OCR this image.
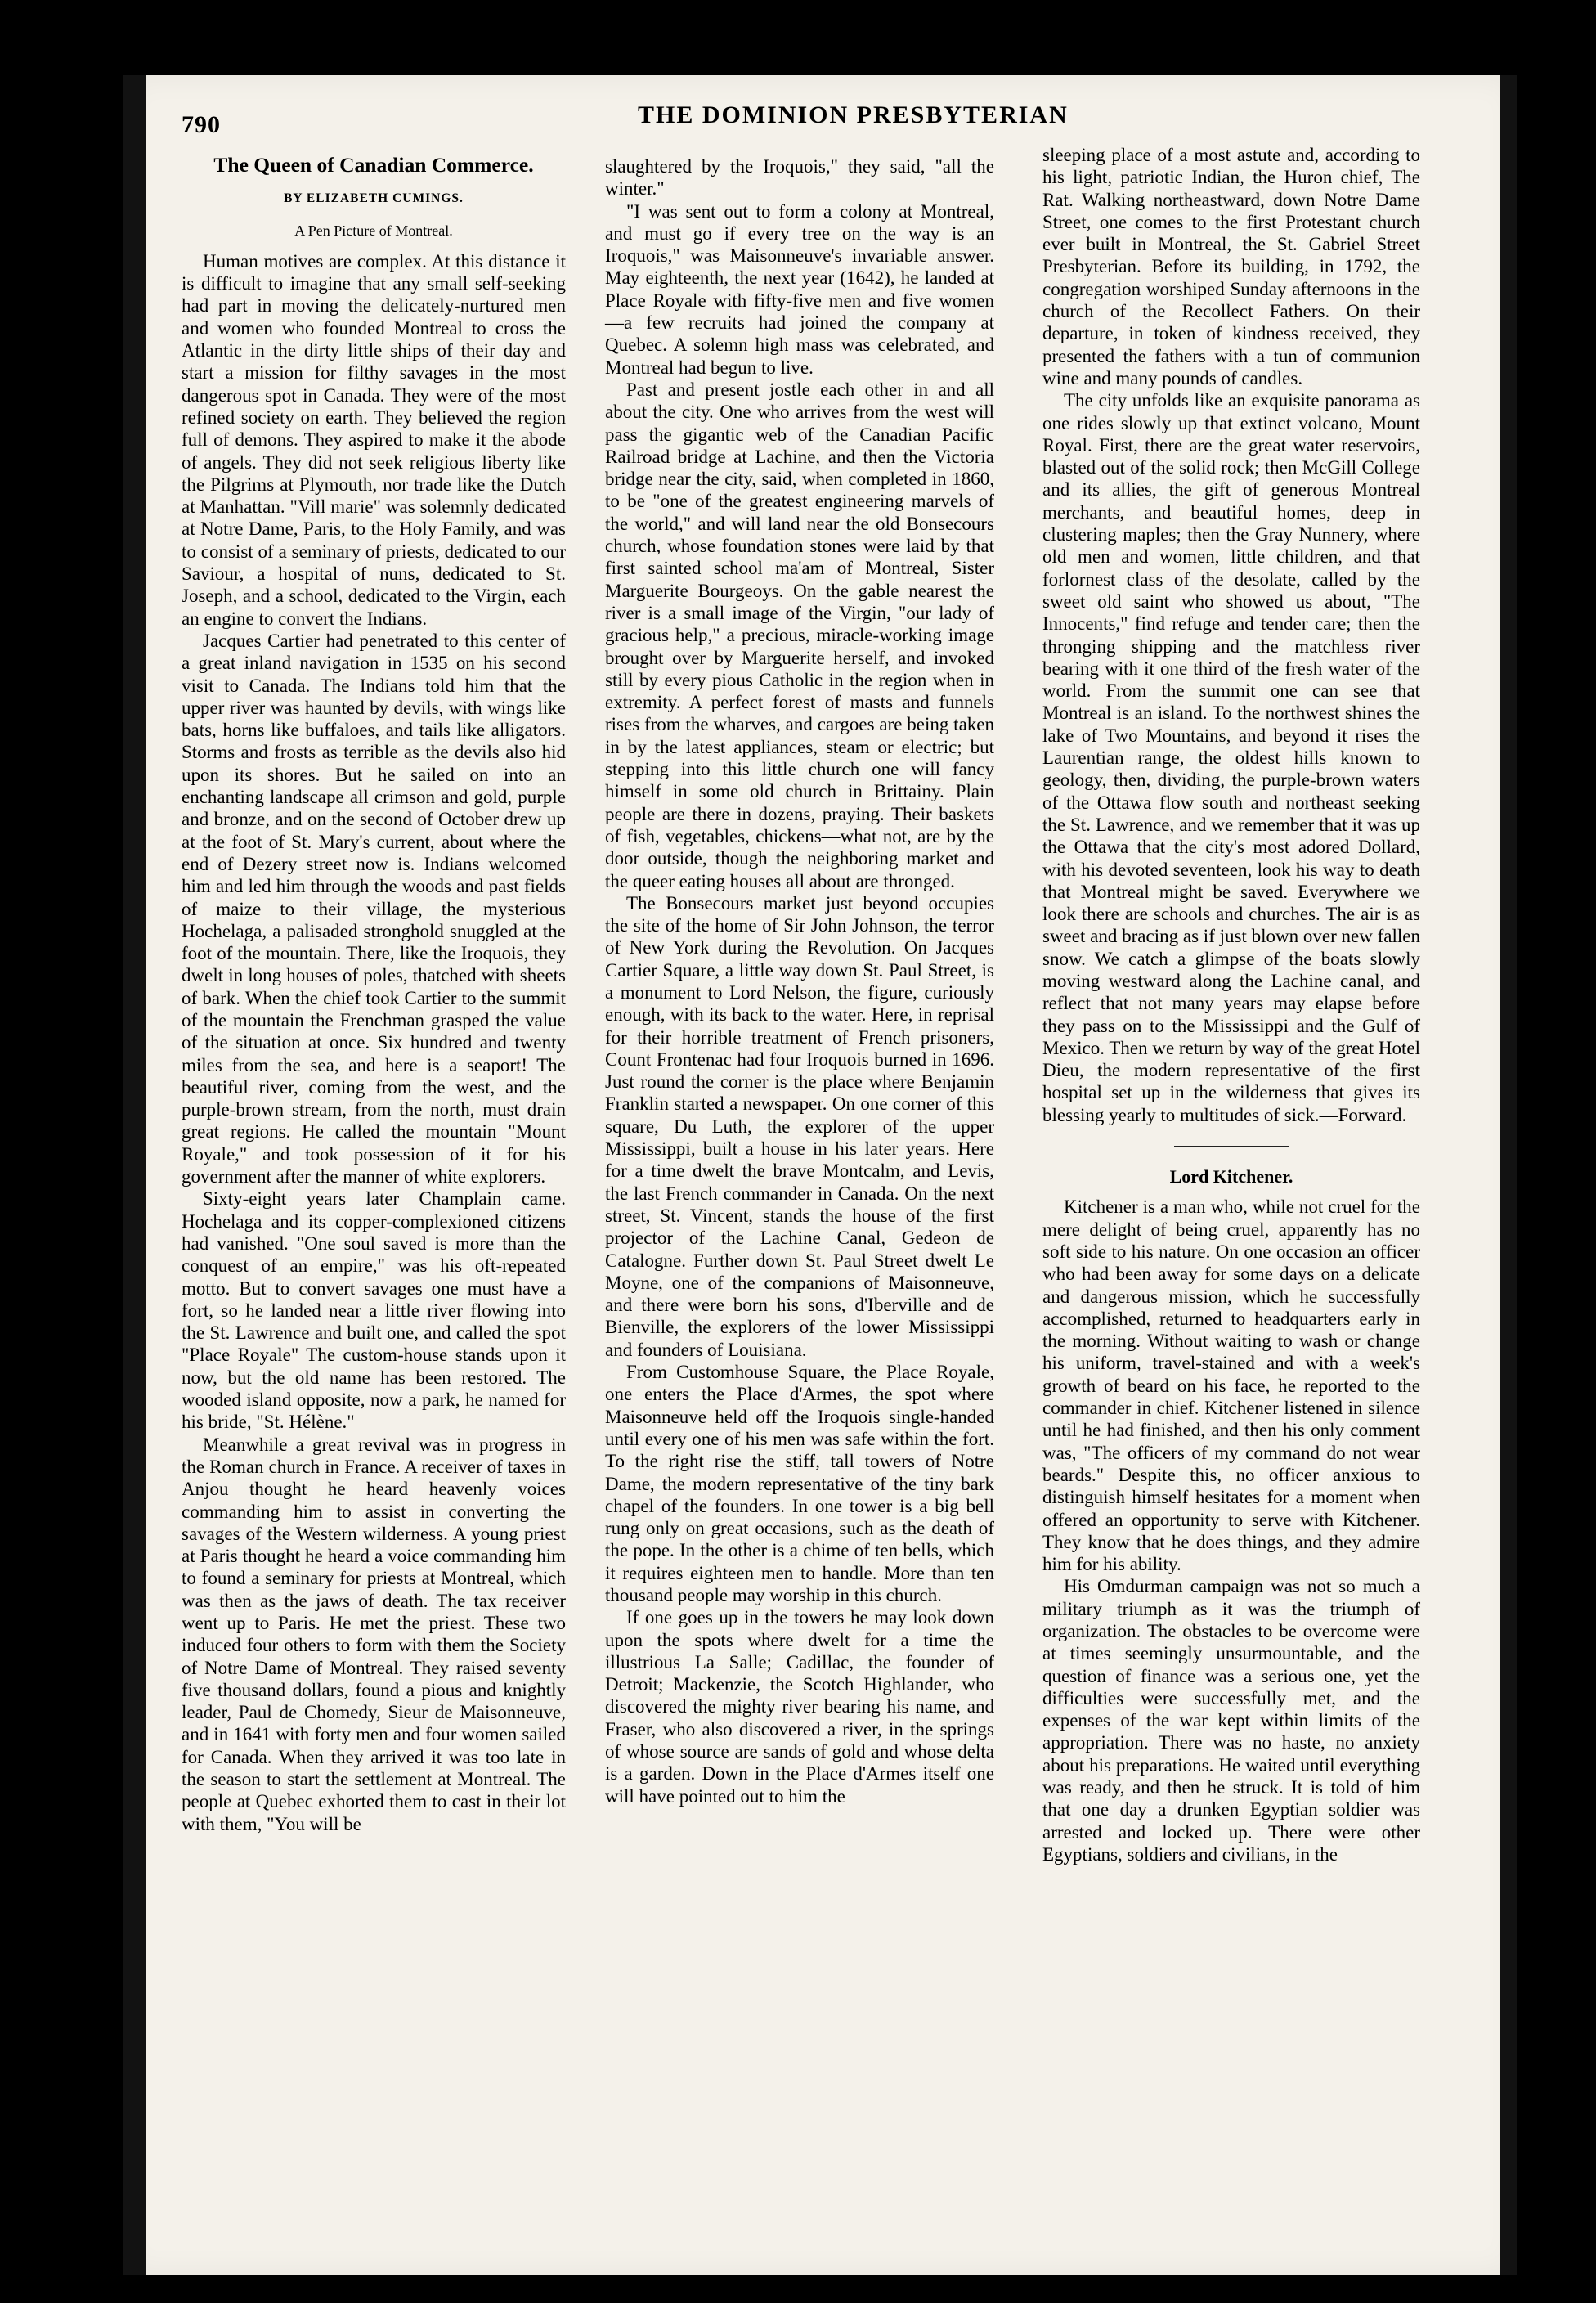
790	THE DOMINION PRESBYTERIAN
The Queen of Canadian Commerce.
BY ELIZABETH CUMINGS.
A Pen Picture of Montreal.

Human motives are complex. At this distance it is difficult to imagine that any small self-seeking had part in moving the delicately-nurtured men and women who founded Montreal to cross the Atlantic in the dirty little ships of their day and start a mission for filthy savages in the most dangerous spot in Canada. They were of the most refined society on earth. They believed the region full of demons. They aspired to make it the abode of angels. They did not seek religious liberty like the Pilgrims at Plymouth, nor trade like the Dutch at Manhattan. "Vill marie" was solemnly dedicated at Notre Dame, Paris, to the Holy Family, and was to consist of a seminary of priests, dedicated to our Saviour, a hospital of nuns, dedicated to St. Joseph, and a school, dedicated to the Virgin, each an engine to convert the Indians.

Jacques Cartier had penetrated to this center of a great inland navigation in 1535 on his second visit to Canada. The Indians told him that the upper river was haunted by devils, with wings like bats, horns like buffaloes, and tails like alligators. Storms and frosts as terrible as the devils also hid upon its shores. But he sailed on into an enchanting landscape all crimson and gold, purple and bronze, and on the second of October drew up at the foot of St. Mary's current, about where the end of Dezery street now is. Indians welcomed him and led him through the woods and past fields of maize to their village, the mysterious Hochelaga, a palisaded stronghold snuggled at the foot of the mountain. There, like the Iroquois, they dwelt in long houses of poles, thatched with sheets of bark. When the chief took Cartier to the summit of the mountain the Frenchman grasped the value of the situation at once. Six hundred and twenty miles from the sea, and here is a seaport! The beautiful river, coming from the west, and the purple-brown stream, from the north, must drain great regions. He called the mountain "Mount Royale," and took possession of it for his government after the manner of white explorers.

Sixty-eight years later Champlain came. Hochelaga and its copper-complexioned citizens had vanished. "One soul saved is more than the conquest of an empire," was his oft-repeated motto. But to convert savages one must have a fort, so he landed near a little river flowing into the St. Lawrence and built one, and called the spot "Place Royale" The custom-house stands upon it now, but the old name has been restored. The wooded island opposite, now a park, he named for his bride, "St. Hélène."

Meanwhile a great revival was in progress in the Roman church in France. A receiver of taxes in Anjou thought he heard heavenly voices commanding him to assist in converting the savages of the Western wilderness. A young priest at Paris thought he heard a voice commanding him to found a seminary for priests at Montreal, which was then as the jaws of death. The tax receiver went up to Paris. He met the priest. These two induced four others to form with them the Society of Notre Dame of Montreal. They raised seventy five thousand dollars, found a pious and knightly leader, Paul de Chomedy, Sieur de Maisonneuve, and in 1641 with forty men and four women sailed for Canada. When they arrived it was too late in the season to start the settlement at Montreal. The people at Quebec exhorted them to cast in their lot with them, "You will be

slaughtered by the Iroquois," they said, "all the winter."

"I was sent out to form a colony at Montreal, and must go if every tree on the way is an Iroquois," was Maisonneuve's invariable answer. May eighteenth, the next year (1642), he landed at Place Royale with fifty-five men and five women—a few recruits had joined the company at Quebec. A solemn high mass was celebrated, and Montreal had begun to live.

Past and present jostle each other in and all about the city. One who arrives from the west will pass the gigantic web of the Canadian Pacific Railroad bridge at Lachine, and then the Victoria bridge near the city, said, when completed in 1860, to be "one of the greatest engineering marvels of the world," and will land near the old Bonsecours church, whose foundation stones were laid by that first sainted school ma'am of Montreal, Sister Marguerite Bourgeoys. On the gable nearest the river is a small image of the Virgin, "our lady of gracious help," a precious, miracle-working image brought over by Marguerite herself, and invoked still by every pious Catholic in the region when in extremity. A perfect forest of masts and funnels rises from the wharves, and cargoes are being taken in by the latest appliances, steam or electric; but stepping into this little church one will fancy himself in some old church in Brittainy. Plain people are there in dozens, praying. Their baskets of fish, vegetables, chickens—what not, are by the door outside, though the neighboring market and the queer eating houses all about are thronged.

The Bonsecours market just beyond occupies the site of the home of Sir John Johnson, the terror of New York during the Revolution. On Jacques Cartier Square, a little way down St. Paul Street, is a monument to Lord Nelson, the figure, curiously enough, with its back to the water. Here, in reprisal for their horrible treatment of French prisoners, Count Frontenac had four Iroquois burned in 1696. Just round the corner is the place where Benjamin Franklin started a newspaper. On one corner of this square, Du Luth, the explorer of the upper Mississippi, built a house in his later years. Here for a time dwelt the brave Montcalm, and Levis, the last French commander in Canada. On the next street, St. Vincent, stands the house of the first projector of the Lachine Canal, Gedeon de Catalogne. Further down St. Paul Street dwelt Le Moyne, one of the companions of Maisonneuve, and there were born his sons, d'Iberville and de Bienville, the explorers of the lower Mississippi and founders of Louisiana.

From Customhouse Square, the Place Royale, one enters the Place d'Armes, the spot where Maisonneuve held off the Iroquois single-handed until every one of his men was safe within the fort. To the right rise the stiff, tall towers of Notre Dame, the modern representative of the tiny bark chapel of the founders. In one tower is a big bell rung only on great occasions, such as the death of the pope. In the other is a chime of ten bells, which it requires eighteen men to handle. More than ten thousand people may worship in this church.

If one goes up in the towers he may look down upon the spots where dwelt for a time the illustrious La Salle; Cadillac, the founder of Detroit; Mackenzie, the Scotch Highlander, who discovered the mighty river bearing his name, and Fraser, who also discovered a river, in the springs of whose source are sands of gold and whose delta is a garden. Down in the Place d'Armes itself one will have pointed out to him the

sleeping place of a most astute and, according to his light, patriotic Indian, the Huron chief, The Rat. Walking northeastward, down Notre Dame Street, one comes to the first Protestant church ever built in Montreal, the St. Gabriel Street Presbyterian. Before its building, in 1792, the congregation worshiped Sunday afternoons in the church of the Recollect Fathers. On their departure, in token of kindness received, they presented the fathers with a tun of communion wine and many pounds of candles.

The city unfolds like an exquisite panorama as one rides slowly up that extinct volcano, Mount Royal. First, there are the great water reservoirs, blasted out of the solid rock; then McGill College and its allies, the gift of generous Montreal merchants, and beautiful homes, deep in clustering maples; then the Gray Nunnery, where old men and women, little children, and that forlornest class of the desolate, called by the sweet old saint who showed us about, "The Innocents," find refuge and tender care; then the thronging shipping and the matchless river bearing with it one third of the fresh water of the world. From the summit one can see that Montreal is an island. To the northwest shines the lake of Two Mountains, and beyond it rises the Laurentian range, the oldest hills known to geology, then, dividing, the purple-brown waters of the Ottawa flow south and northeast seeking the St. Lawrence, and we remember that it was up the Ottawa that the city's most adored Dollard, with his devoted seventeen, look his way to death that Montreal might be saved. Everywhere we look there are schools and churches. The air is as sweet and bracing as if just blown over new fallen snow. We catch a glimpse of the boats slowly moving westward along the Lachine canal, and reflect that not many years may elapse before they pass on to the Mississippi and the Gulf of Mexico. Then we return by way of the great Hotel Dieu, the modern representative of the first hospital set up in the wilderness that gives its blessing yearly to multitudes of sick.—Forward.

Lord Kitchener.

Kitchener is a man who, while not cruel for the mere delight of being cruel, apparently has no soft side to his nature. On one occasion an officer who had been away for some days on a delicate and dangerous mission, which he successfully accomplished, returned to headquarters early in the morning. Without waiting to wash or change his uniform, travel-stained and with a week's growth of beard on his face, he reported to the commander in chief. Kitchener listened in silence until he had finished, and then his only comment was, "The officers of my command do not wear beards." Despite this, no officer anxious to distinguish himself hesitates for a moment when offered an opportunity to serve with Kitchener. They know that he does things, and they admire him for his ability.

His Omdurman campaign was not so much a military triumph as it was the triumph of organization. The obstacles to be overcome were at times seemingly unsurmountable, and the question of finance was a serious one, yet the difficulties were successfully met, and the expenses of the war kept within limits of the appropriation. There was no haste, no anxiety about his preparations. He waited until everything was ready, and then he struck. It is told of him that one day a drunken Egyptian soldier was arrested and locked up. There were other Egyptians, soldiers and civilians, in the
